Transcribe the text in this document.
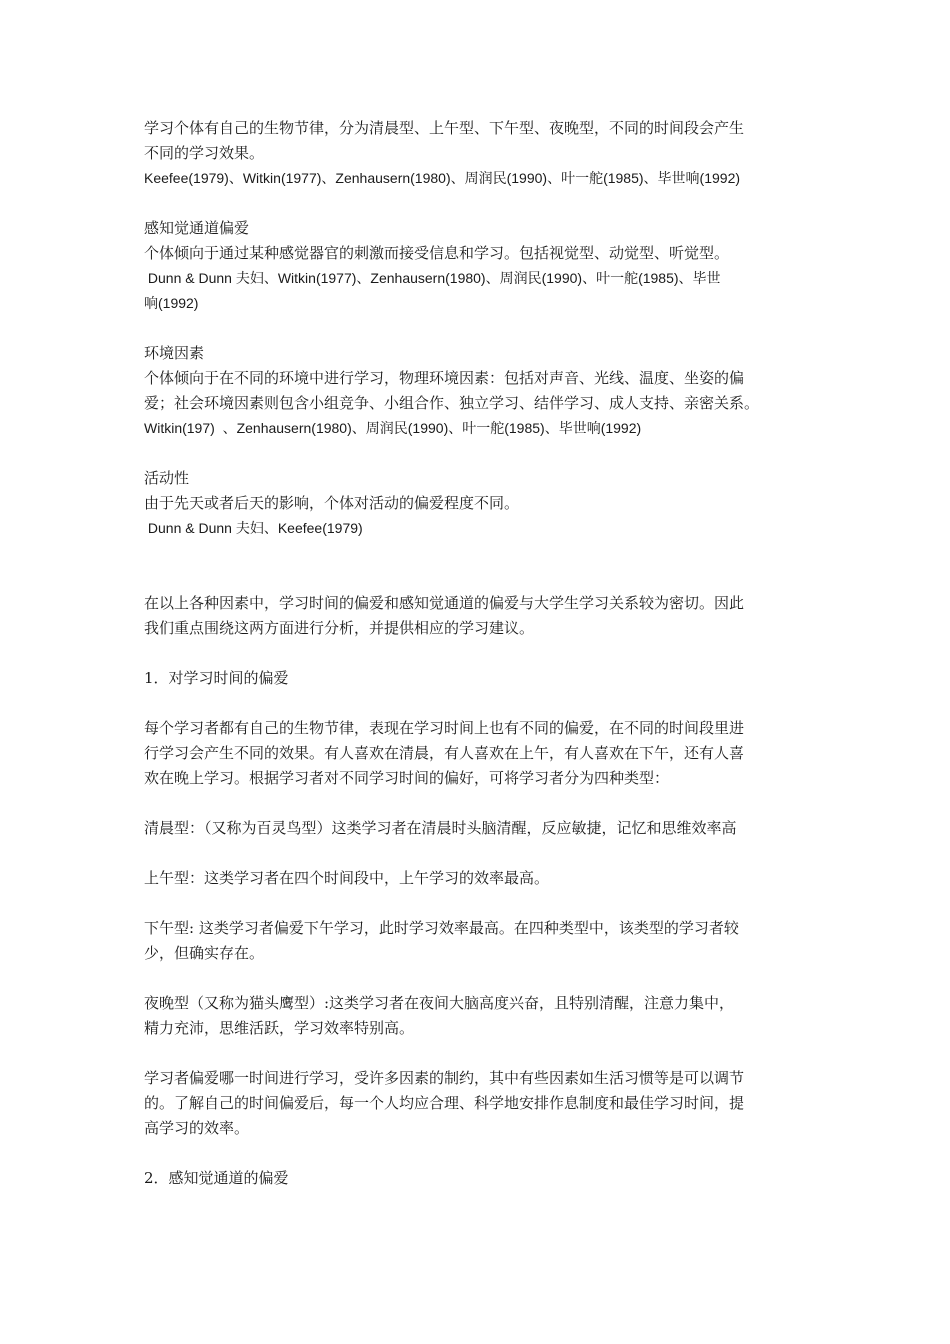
学习个体有自己的生物节律，分为清晨型、上午型、下午型、夜晚型，不同的时间段会产生
不同的学习效果。
Keefee(1979)、Witkin(1977)、Zenhausern(1980)、周润民(1990)、叶一舵(1985)、毕世响(1992)
感知觉通道偏爱
个体倾向于通过某种感觉器官的刺激而接受信息和学习。包括视觉型、动觉型、听觉型。
Dunn & Dunn 夫妇、Witkin(1977)、Zenhausern(1980)、周润民(1990)、叶一舵(1985)、毕世
响(1992)
环境因素
个体倾向于在不同的环境中进行学习，物理环境因素：包括对声音、光线、温度、坐姿的偏
爱；社会环境因素则包含小组竞争、小组合作、独立学习、结伴学习、成人支持、亲密关系。
Witkin(197)  、Zenhausern(1980)、周润民(1990)、叶一舵(1985)、毕世响(1992)
活动性
由于先天或者后天的影响，个体对活动的偏爱程度不同。
Dunn & Dunn 夫妇、Keefee(1979)
在以上各种因素中，学习时间的偏爱和感知觉通道的偏爱与大学生学习关系较为密切。因此
我们重点围绕这两方面进行分析，并提供相应的学习建议。
1．对学习时间的偏爱
每个学习者都有自己的生物节律，表现在学习时间上也有不同的偏爱，在不同的时间段里进
行学习会产生不同的效果。有人喜欢在清晨，有人喜欢在上午，有人喜欢在下午，还有人喜
欢在晚上学习。根据学习者对不同学习时间的偏好，可将学习者分为四种类型：
清晨型：（又称为百灵鸟型）这类学习者在清晨时头脑清醒，反应敏捷，记忆和思维效率高
上午型：这类学习者在四个时间段中，上午学习的效率最高。
下午型: 这类学习者偏爱下午学习，此时学习效率最高。在四种类型中，该类型的学习者较
少，但确实存在。
夜晚型（又称为猫头鹰型）:这类学习者在夜间大脑高度兴奋，且特别清醒，注意力集中，
精力充沛，思维活跃，学习效率特别高。
学习者偏爱哪一时间进行学习，受许多因素的制约，其中有些因素如生活习惯等是可以调节
的。了解自己的时间偏爱后，每一个人均应合理、科学地安排作息制度和最佳学习时间，提
高学习的效率。
2．感知觉通道的偏爱
